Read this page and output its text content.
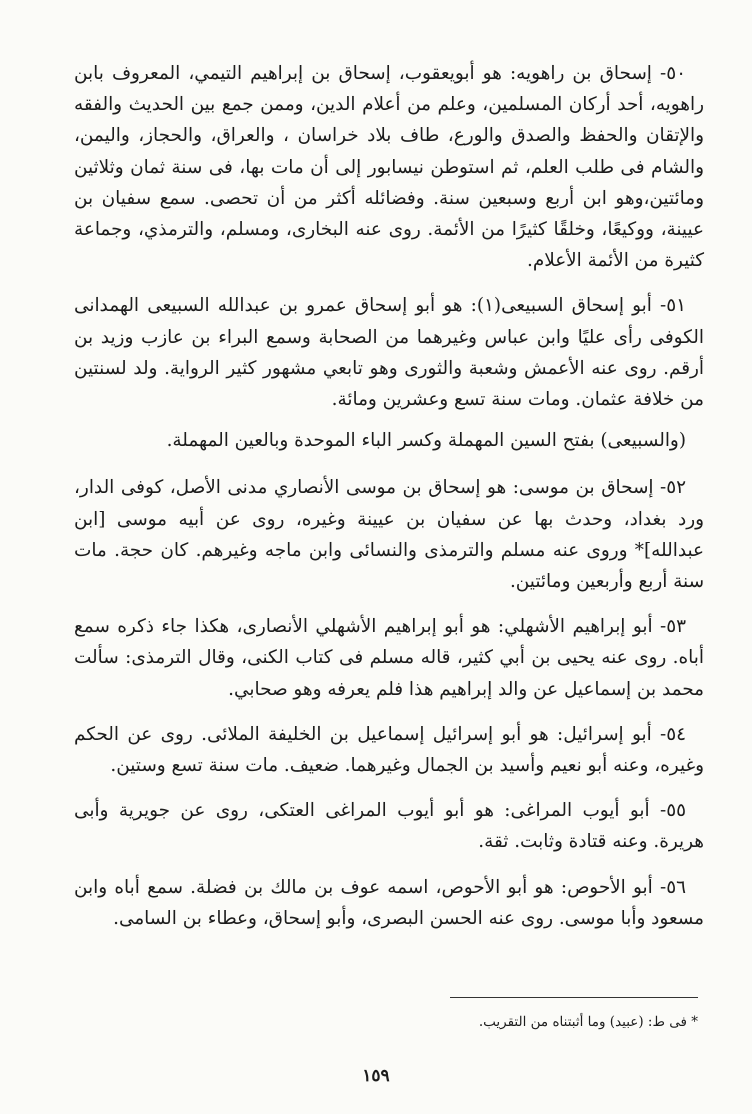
٥٠- إسحاق بن راهويه: هو أبويعقوب، إسحاق بن إبراهيم التيمي، المعروف بابن راهويه، أحد أركان المسلمين، وعلم من أعلام الدين، وممن جمع بين الحديث والفقه والإتقان والحفظ والصدق والورع، طاف بلاد خراسان ، والعراق، والحجاز، واليمن، والشام فى طلب العلم، ثم استوطن نيسابور إلى أن مات بها، فى سنة ثمان وثلاثين ومائتين،وهو ابن أربع وسبعين سنة. وفضائله أكثر من أن تحصى. سمع سفيان بن عيينة، ووكيعًا، وخلقًا كثيرًا من الأئمة. روى عنه البخارى، ومسلم، والترمذي، وجماعة كثيرة من الأئمة الأعلام.

٥١- أبو إسحاق السبيعى(١): هو أبو إسحاق عمرو بن عبدالله السبيعى الهمدانى الكوفى رأى عليًا وابن عباس وغيرهما من الصحابة وسمع البراء بن عازب وزيد بن أرقم. روى عنه الأعمش وشعبة والثورى وهو تابعي مشهور كثير الرواية. ولد لسنتين من خلافة عثمان. ومات سنة تسع وعشرين ومائة.

(والسبيعى) بفتح السين المهملة وكسر الباء الموحدة وبالعين المهملة.

٥٢- إسحاق بن موسى: هو إسحاق بن موسى الأنصاري مدنى الأصل، كوفى الدار، ورد بغداد، وحدث بها عن سفيان بن عيينة وغيره، روى عن أبيه موسى [ابن عبدالله]* وروى عنه مسلم والترمذى والنسائى وابن ماجه وغيرهم. كان حجة. مات سنة أربع وأربعين ومائتين.

٥٣- أبو إبراهيم الأشهلي: هو أبو إبراهيم الأشهلي الأنصارى، هكذا جاء ذكره سمع أباه. روى عنه يحيى بن أبي كثير، قاله مسلم فى كتاب الكنى، وقال الترمذى: سألت محمد بن إسماعيل عن والد إبراهيم هذا فلم يعرفه وهو صحابي.

٥٤- أبو إسرائيل: هو أبو إسرائيل إسماعيل بن الخليفة الملائى. روى عن الحكم وغيره، وعنه أبو نعيم وأسيد بن الجمال وغيرهما. ضعيف. مات سنة تسع وستين.

٥٥- أبو أيوب المراغى: هو أبو أيوب المراغى العتكى، روى عن جويرية وأبى هريرة. وعنه قتادة وثابت. ثقة.

٥٦- أبو الأحوص: هو أبو الأحوص، اسمه عوف بن مالك بن فضلة. سمع أباه وابن مسعود وأبا موسى. روى عنه الحسن البصرى، وأبو إسحاق، وعطاء بن السامى.

* فى ط: (عبيد) وما أثبتناه من التقريب.
١٥٩
